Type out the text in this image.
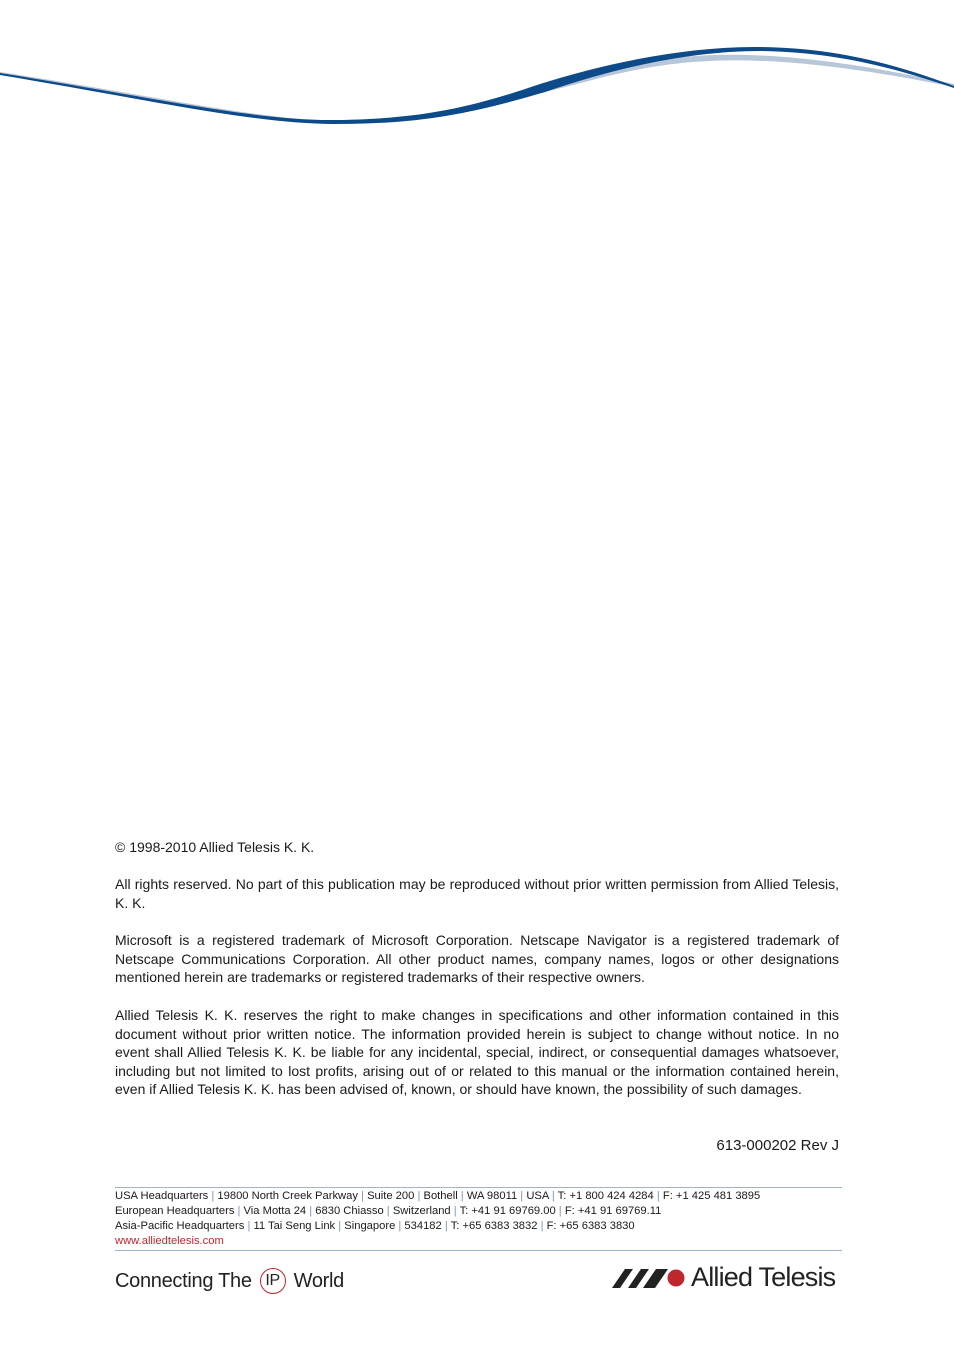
© 1998-2010 Allied Telesis K. K.

All rights reserved. No part of this publication may be reproduced without prior written permission from Allied Telesis, K. K.

Microsoft is a registered trademark of Microsoft Corporation. Netscape Navigator is a registered trademark of Netscape Communications Corporation. All other product names, company names, logos or other designations mentioned herein are trademarks or registered trademarks of their respective owners.

Allied Telesis K. K. reserves the right to make changes in specifications and other information contained in this document without prior written notice. The information provided herein is subject to change without notice. In no event shall Allied Telesis K. K. be liable for any incidental, special, indirect, or consequential damages whatsoever, including but not limited to lost profits, arising out of or related to this manual or the information contained herein, even if Allied Telesis K. K. has been advised of, known, or should have known, the possibility of such damages.

613-000202 Rev J
USA Headquarters | 19800 North Creek Parkway | Suite 200 | Bothell | WA 98011 | USA | T: +1 800 424 4284 | F: +1 425 481 3895
European Headquarters | Via Motta 24 | 6830 Chiasso | Switzerland | T: +41 91 69769.00 | F: +41 91 69769.11
Asia-Pacific Headquarters | 11 Tai Seng Link | Singapore | 534182 | T: +65 6383 3832 | F: +65 6383 3830
www.alliedtelesis.com
Connecting The IP World	Allied Telesis
